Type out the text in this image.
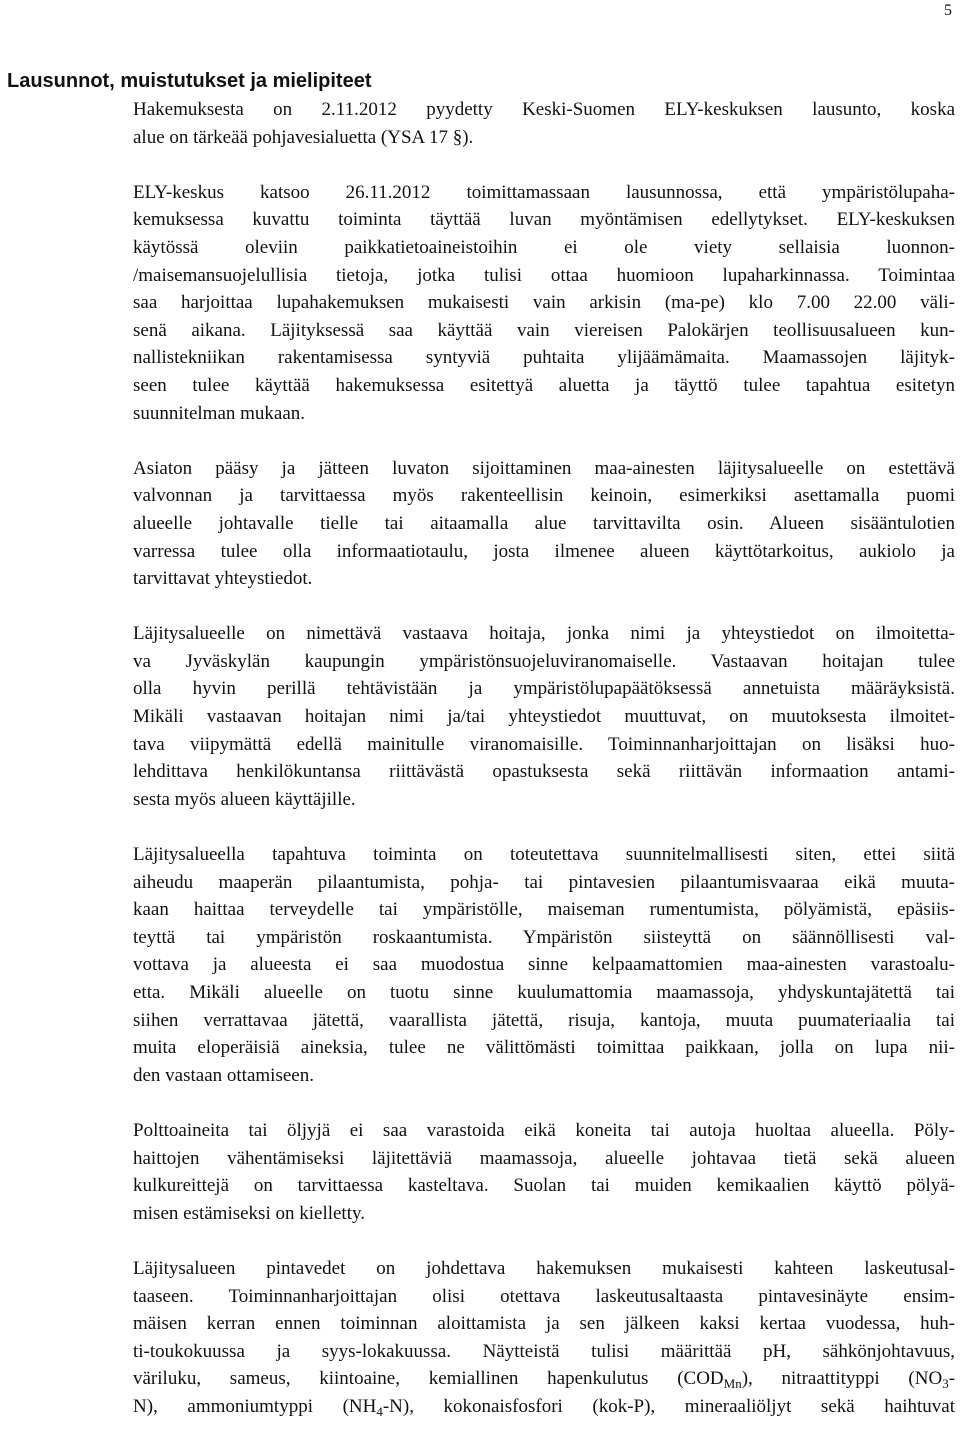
5
Lausunnot, muistutukset ja mielipiteet
Hakemuksesta on 2.11.2012 pyydetty Keski-Suomen ELY-keskuksen lausunto, koska
alue on tärkeää pohjavesialuetta (YSA 17 §).
ELY-keskus katsoo 26.11.2012 toimittamassaan lausunnossa, että ympäristölupaha-
kemuksessa kuvattu toiminta täyttää luvan myöntämisen edellytykset. ELY-keskuksen
käytössä oleviin paikkatietoaineistoihin ei ole viety sellaisia luonnon-
/maisemansuojelullisia tietoja, jotka tulisi ottaa huomioon lupaharkinnassa. Toimintaa
saa harjoittaa lupahakemuksen mukaisesti vain arkisin (ma-pe) klo 7.00 22.00 väli-
senä aikana. Läjityksessä saa käyttää vain viereisen Palokärjen teollisuusalueen kun-
nallistekniikan rakentamisessa syntyviä puhtaita ylijäämämaita. Maamassojen läjityk-
seen tulee käyttää hakemuksessa esitettyä aluetta ja täyttö tulee tapahtua esitetyn
suunnitelman mukaan.
Asiaton pääsy ja jätteen luvaton sijoittaminen maa-ainesten läjitysalueelle on estettävä
valvonnan ja tarvittaessa myös rakenteellisin keinoin, esimerkiksi asettamalla puomi
alueelle johtavalle tielle tai aitaamalla alue tarvittavilta osin. Alueen sisääntulotien
varressa tulee olla informaatiotaulu, josta ilmenee alueen käyttötarkoitus, aukiolo ja
tarvittavat yhteystiedot.
Läjitysalueelle on nimettävä vastaava hoitaja, jonka nimi ja yhteystiedot on ilmoitetta-
va Jyväskylän kaupungin ympäristönsuojeluviranomaiselle. Vastaavan hoitajan tulee
olla hyvin perillä tehtävistään ja ympäristölupapäätöksessä annetuista määräyksistä.
Mikäli vastaavan hoitajan nimi ja/tai yhteystiedot muuttuvat, on muutoksesta ilmoitet-
tava viipymättä edellä mainitulle viranomaisille. Toiminnanharjoittajan on lisäksi huo-
lehdittava henkilökuntansa riittävästä opastuksesta sekä riittävän informaation antami-
sesta myös alueen käyttäjille.
Läjitysalueella tapahtuva toiminta on toteutettava suunnitelmallisesti siten, ettei siitä
aiheudu maaperän pilaantumista, pohja- tai pintavesien pilaantumisvaaraa eikä muuta-
kaan haittaa terveydelle tai ympäristölle, maiseman rumentumista, pölyämistä, epäsiis-
teyttä tai ympäristön roskaantumista. Ympäristön siisteyttä on säännöllisesti val-
vottava ja alueesta ei saa muodostua sinne kelpaamattomien maa-ainesten varastoalu-
etta. Mikäli alueelle on tuotu sinne kuulumattomia maamassoja, yhdyskuntajätettä tai
siihen verrattavaa jätettä, vaarallista jätettä, risuja, kantoja, muuta puumateriaalia tai
muita eloperäisiä aineksia, tulee ne välittömästi toimittaa paikkaan, jolla on lupa nii-
den vastaan ottamiseen.
Polttoaineita tai öljyjä ei saa varastoida eikä koneita tai autoja huoltaa alueella. Pöly-
haittojen vähentämiseksi läjitettäviä maamassoja, alueelle johtavaa tietä sekä alueen
kulkureittejä on tarvittaessa kasteltava. Suolan tai muiden kemikaalien käyttö pölyä-
misen estämiseksi on kielletty.
Läjitysalueen pintavedet on johdettava hakemuksen mukaisesti kahteen laskeutusal-
taaseen. Toiminnanharjoittajan olisi otettava laskeutusaltaasta pintavesinäyte ensim-
mäisen kerran ennen toiminnan aloittamista ja sen jälkeen kaksi kertaa vuodessa, huh-
ti-toukokuussa ja syys-lokakuussa. Näytteistä tulisi määrittää pH, sähkönjohtavuus,
väriluku, sameus, kiintoaine, kemiallinen hapenkulutus $(COD_{Mn})$, nitraattityppi ($NO_3-$
N), ammoniumtyppi $(NH_4-N)$, kokonaisfosfori (kok-P), mineraaliöljyt sekä haihtuvat
